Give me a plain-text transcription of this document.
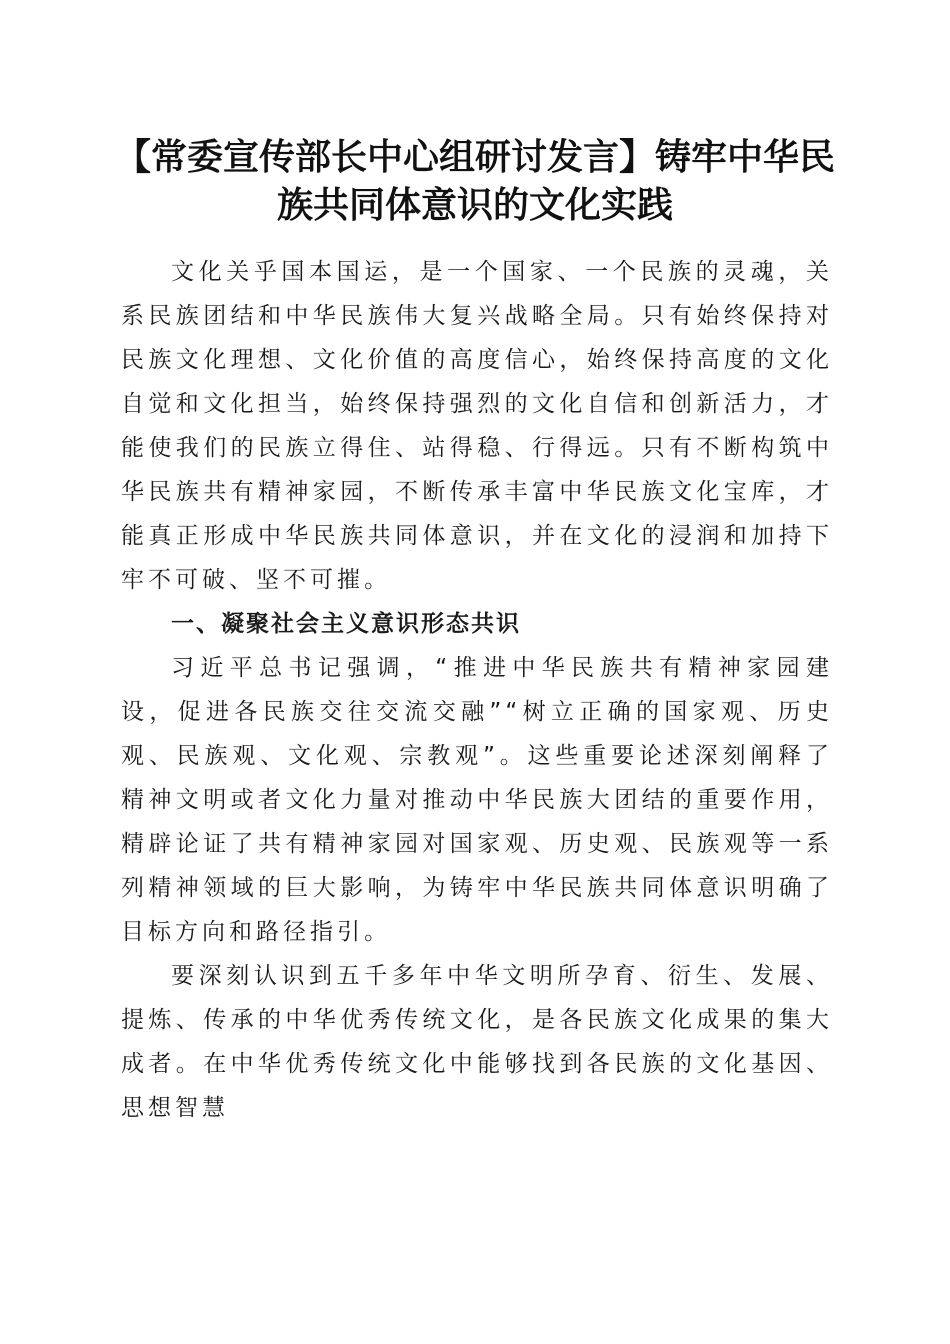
【常委宣传部长中心组研讨发言】铸牢中华民族共同体意识的文化实践

文化关乎国本国运，是一个国家、一个民族的灵魂，关系民族团结和中华民族伟大复兴战略全局。只有始终保持对民族文化理想、文化价值的高度信心，始终保持高度的文化自觉和文化担当，始终保持强烈的文化自信和创新活力，才能使我们的民族立得住、站得稳、行得远。只有不断构筑中华民族共有精神家园，不断传承丰富中华民族文化宝库，才能真正形成中华民族共同体意识，并在文化的浸润和加持下牢不可破、坚不可摧。

一、凝聚社会主义意识形态共识

习近平总书记强调，“推进中华民族共有精神家园建设，促进各民族交往交流交融”“树立正确的国家观、历史观、民族观、文化观、宗教观”。这些重要论述深刻阐释了精神文明或者文化力量对推动中华民族大团结的重要作用，精辟论证了共有精神家园对国家观、历史观、民族观等一系列精神领域的巨大影响，为铸牢中华民族共同体意识明确了目标方向和路径指引。

要深刻认识到五千多年中华文明所孕育、衍生、发展、提炼、传承的中华优秀传统文化，是各民族文化成果的集大成者。在中华优秀传统文化中能够找到各民族的文化基因、思想智慧
